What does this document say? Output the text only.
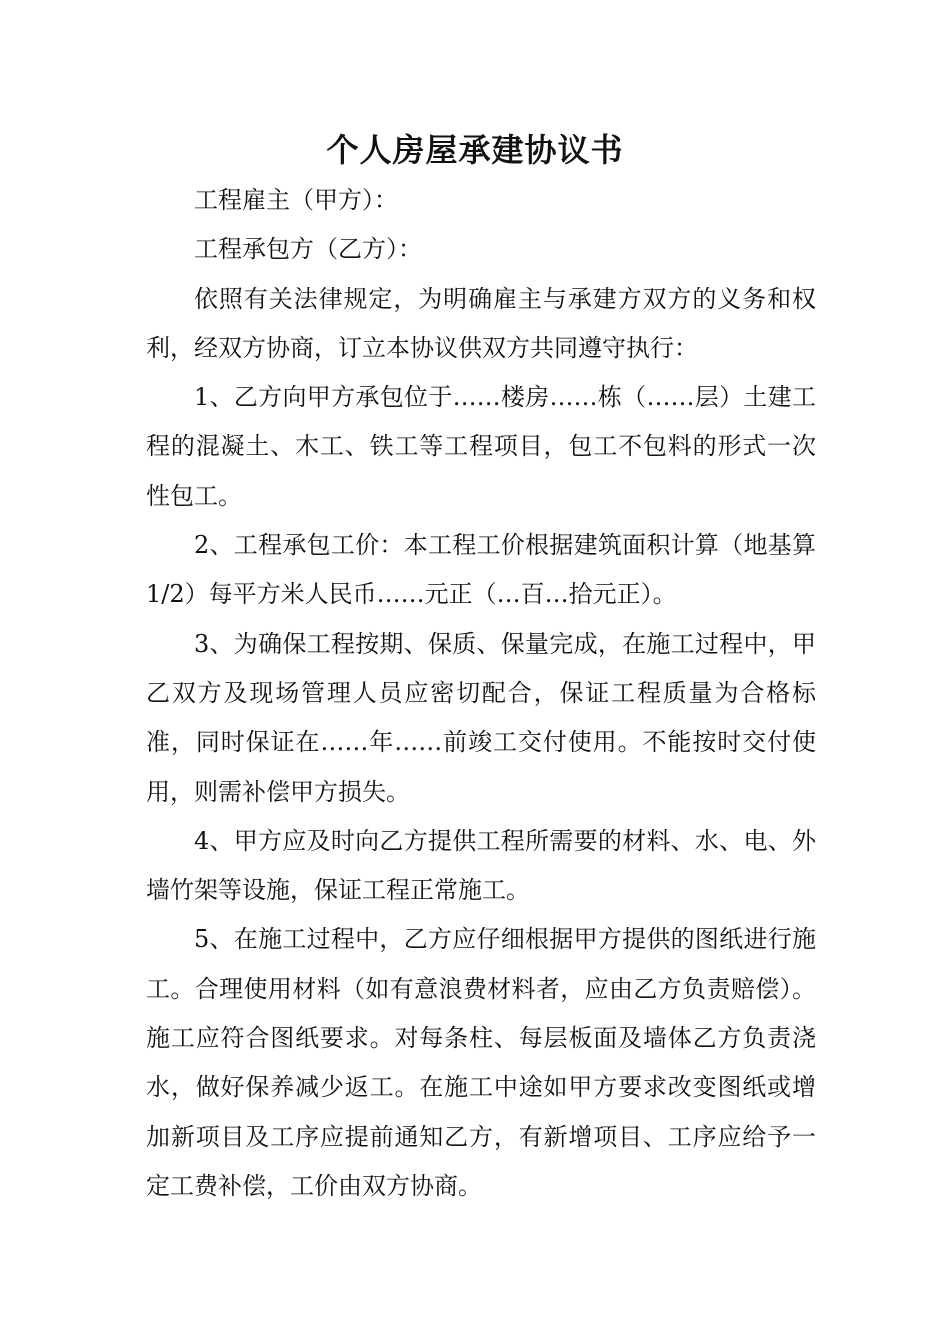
个人房屋承建协议书

工程雇主（甲方）：

工程承包方（乙方）：

依照有关法律规定，为明确雇主与承建方双方的义务和权利，经双方协商，订立本协议供双方共同遵守执行：

1、乙方向甲方承包位于……楼房……栋（……层）土建工程的混凝土、木工、铁工等工程项目，包工不包料的形式一次性包工。

2、工程承包工价：本工程工价根据建筑面积计算（地基算1/2）每平方米人民币……元正（…百…拾元正）。

3、为确保工程按期、保质、保量完成，在施工过程中，甲乙双方及现场管理人员应密切配合，保证工程质量为合格标准，同时保证在……年……前竣工交付使用。不能按时交付使用，则需补偿甲方损失。

4、甲方应及时向乙方提供工程所需要的材料、水、电、外墙竹架等设施，保证工程正常施工。

5、在施工过程中，乙方应仔细根据甲方提供的图纸进行施工。合理使用材料（如有意浪费材料者，应由乙方负责赔偿）。施工应符合图纸要求。对每条柱、每层板面及墙体乙方负责浇水，做好保养减少返工。在施工中途如甲方要求改变图纸或增加新项目及工序应提前通知乙方，有新增项目、工序应给予一定工费补偿，工价由双方协商。
